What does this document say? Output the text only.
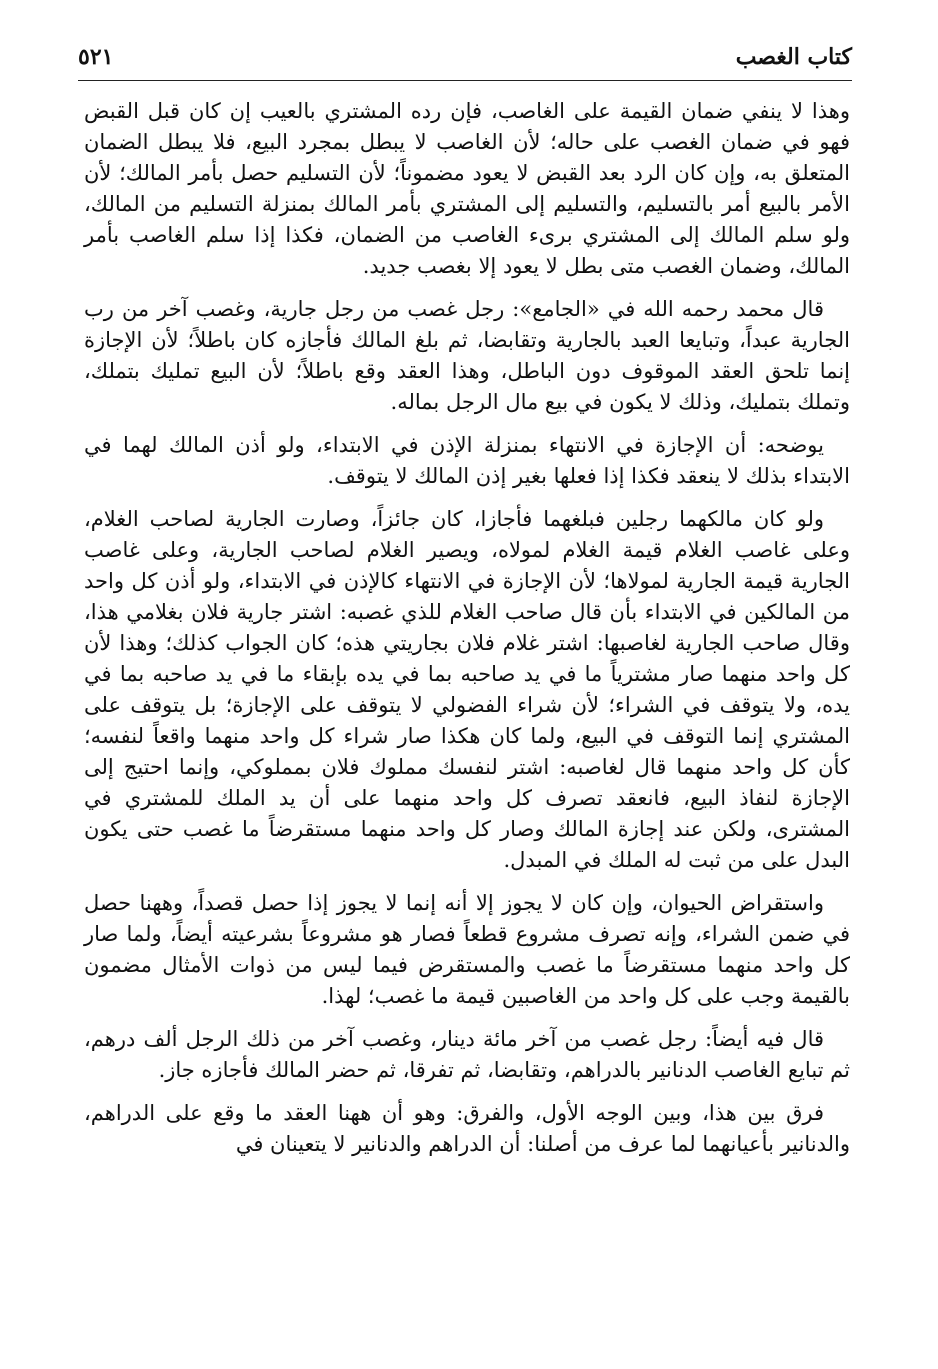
كتاب الغصب
٥٢١

وهذا لا ينفي ضمان القيمة على الغاصب، فإن رده المشتري بالعيب إن كان قبل القبض فهو في ضمان الغصب على حاله؛ لأن الغاصب لا يبطل بمجرد البيع، فلا يبطل الضمان المتعلق به، وإن كان الرد بعد القبض لا يعود مضموناً؛ لأن التسليم حصل بأمر المالك؛ لأن الأمر بالبيع أمر بالتسليم، والتسليم إلى المشتري بأمر المالك بمنزلة التسليم من المالك، ولو سلم المالك إلى المشتري برىء الغاصب من الضمان، فكذا إذا سلم الغاصب بأمر المالك، وضمان الغصب متى بطل لا يعود إلا بغصب جديد.

قال محمد رحمه الله في «الجامع»: رجل غصب من رجل جارية، وغصب آخر من رب الجارية عبداً، وتبايعا العبد بالجارية وتقابضا، ثم بلغ المالك فأجازه كان باطلاً؛ لأن الإجازة إنما تلحق العقد الموقوف دون الباطل، وهذا العقد وقع باطلاً؛ لأن البيع تمليك بتملك، وتملك بتمليك، وذلك لا يكون في بيع مال الرجل بماله.

يوضحه: أن الإجازة في الانتهاء بمنزلة الإذن في الابتداء، ولو أذن المالك لهما في الابتداء بذلك لا ينعقد فكذا إذا فعلها بغير إذن المالك لا يتوقف.

ولو كان مالكهما رجلين فبلغهما فأجازا، كان جائزاً، وصارت الجارية لصاحب الغلام، وعلى غاصب الغلام قيمة الغلام لمولاه، ويصير الغلام لصاحب الجارية، وعلى غاصب الجارية قيمة الجارية لمولاها؛ لأن الإجازة في الانتهاء كالإذن في الابتداء، ولو أذن كل واحد من المالكين في الابتداء بأن قال صاحب الغلام للذي غصبه: اشتر جارية فلان بغلامي هذا، وقال صاحب الجارية لغاصبها: اشتر غلام فلان بجاريتي هذه؛ كان الجواب كذلك؛ وهذا لأن كل واحد منهما صار مشترياً ما في يد صاحبه بما في يده بإبقاء ما في يد صاحبه بما في يده، ولا يتوقف في الشراء؛ لأن شراء الفضولي لا يتوقف على الإجازة؛ بل يتوقف على المشتري إنما التوقف في البيع، ولما كان هكذا صار شراء كل واحد منهما واقعاً لنفسه؛ كأن كل واحد منهما قال لغاصبه: اشتر لنفسك مملوك فلان بمملوكي، وإنما احتيج إلى الإجازة لنفاذ البيع، فانعقد تصرف كل واحد منهما على أن يد الملك للمشتري في المشترى، ولكن عند إجازة المالك وصار كل واحد منهما مستقرضاً ما غصب حتى يكون البدل على من ثبت له الملك في المبدل.

واستقراض الحيوان، وإن كان لا يجوز إلا أنه إنما لا يجوز إذا حصل قصداً، وههنا حصل في ضمن الشراء، وإنه تصرف مشروع قطعاً فصار هو مشروعاً بشرعيته أيضاً، ولما صار كل واحد منهما مستقرضاً ما غصب والمستقرض فيما ليس من ذوات الأمثال مضمون بالقيمة وجب على كل واحد من الغاصبين قيمة ما غصب؛ لهذا.

قال فيه أيضاً: رجل غصب من آخر مائة دينار، وغصب آخر من ذلك الرجل ألف درهم، ثم تبايع الغاصب الدنانير بالدراهم، وتقابضا، ثم تفرقا، ثم حضر المالك فأجازه جاز.

فرق بين هذا، وبين الوجه الأول، والفرق: وهو أن ههنا العقد ما وقع على الدراهم، والدنانير بأعيانهما لما عرف من أصلنا: أن الدراهم والدنانير لا يتعينان في
